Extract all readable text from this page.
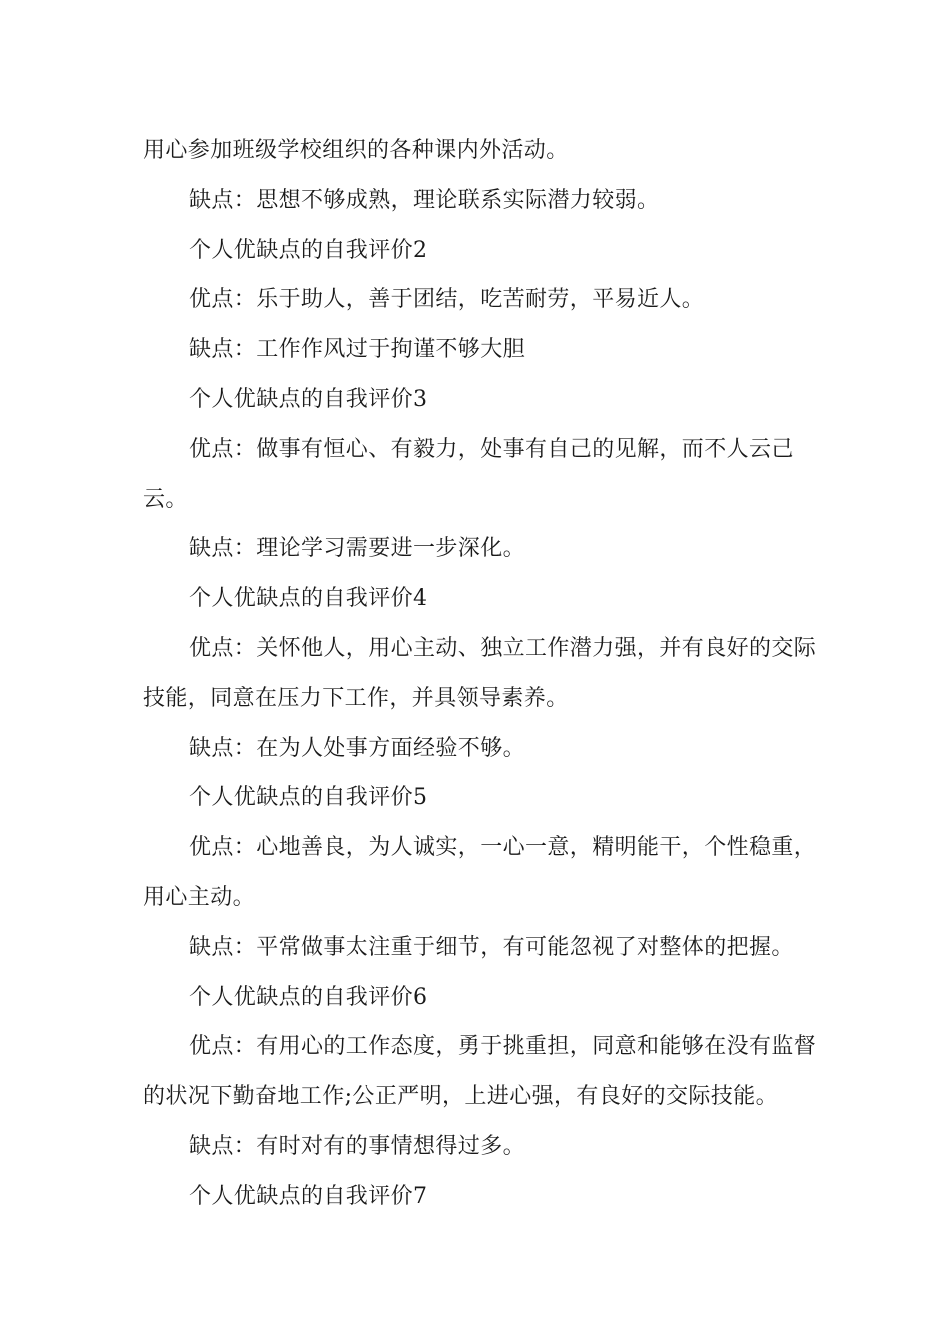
用心参加班级学校组织的各种课内外活动。

缺点：思想不够成熟，理论联系实际潜力较弱。

个人优缺点的自我评价2

优点：乐于助人，善于团结，吃苦耐劳，平易近人。

缺点：工作作风过于拘谨不够大胆

个人优缺点的自我评价3

优点：做事有恒心、有毅力，处事有自己的见解，而不人云己云。

缺点：理论学习需要进一步深化。

个人优缺点的自我评价4

优点：关怀他人，用心主动、独立工作潜力强，并有良好的交际技能，同意在压力下工作，并具领导素养。

缺点：在为人处事方面经验不够。

个人优缺点的自我评价5

优点：心地善良，为人诚实，一心一意，精明能干，个性稳重，用心主动。

缺点：平常做事太注重于细节，有可能忽视了对整体的把握。

个人优缺点的自我评价6

优点：有用心的工作态度，勇于挑重担，同意和能够在没有监督的状况下勤奋地工作;公正严明，上进心强，有良好的交际技能。

缺点：有时对有的事情想得过多。

个人优缺点的自我评价7
